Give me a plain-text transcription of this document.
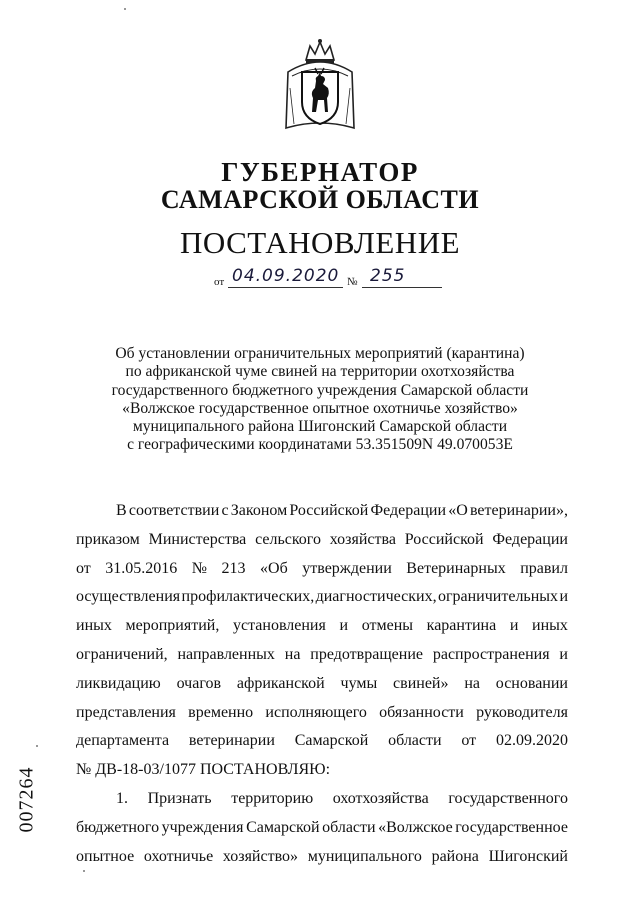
ГУБЕРНАТОР
САМАРСКОЙ ОБЛАСТИ
ПОСТАНОВЛЕНИЕ
от 04.09.2020 № 255
Об установлении ограничительных мероприятий (карантина)
по африканской чуме свиней на территории охотхозяйства
государственного бюджетного учреждения Самарской области
«Волжское государственное опытное охотничье хозяйство»
муниципального района Шигонский Самарской области
с географическими координатами 53.351509N 49.070053E
В соответствии с Законом Российской Федерации «О ветеринарии»,
приказом Министерства сельского хозяйства Российской Федерации
от 31.05.2016 № 213 «Об утверждении Ветеринарных правил
осуществления профилактических, диагностических, ограничительных и
иных мероприятий, установления и отмены карантина и иных
ограничений, направленных на предотвращение распространения и
ликвидацию очагов африканской чумы свиней» на основании
представления временно исполняющего обязанности руководителя
департамента ветеринарии Самарской области от 02.09.2020
№ ДВ-18-03/1077 ПОСТАНОВЛЯЮ:
1. Признать территорию охотхозяйства государственного
бюджетного учреждения Самарской области «Волжское государственное
опытное охотничье хозяйство» муниципального района Шигонский
007264
